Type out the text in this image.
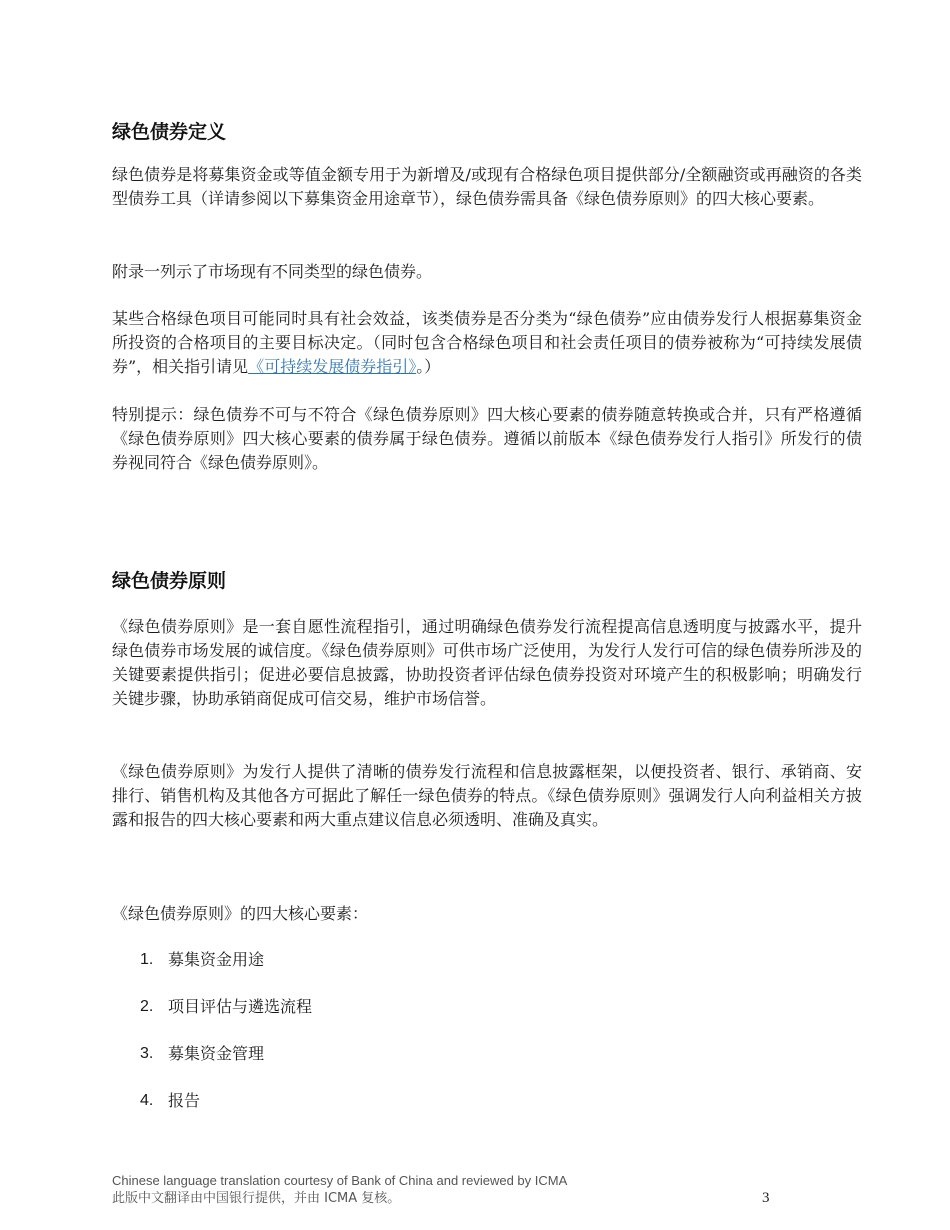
绿色债券定义

绿色债券是将募集资金或等值金额专用于为新增及/或现有合格绿色项目提供部分/全额融资或再融资的各类型债券工具（详请参阅以下募集资金用途章节），绿色债券需具备《绿色债券原则》的四大核心要素。

附录一列示了市场现有不同类型的绿色债券。

某些合格绿色项目可能同时具有社会效益，该类债券是否分类为“绿色债券”应由债券发行人根据募集资金所投资的合格项目的主要目标决定。（同时包含合格绿色项目和社会责任项目的债券被称为“可持续发展债券”，相关指引请见《可持续发展债券指引》。）

特别提示：绿色债券不可与不符合《绿色债券原则》四大核心要素的债券随意转换或合并，只有严格遵循《绿色债券原则》四大核心要素的债券属于绿色债券。遵循以前版本《绿色债券发行人指引》所发行的债券视同符合《绿色债券原则》。

绿色债券原则

《绿色债券原则》是一套自愿性流程指引，通过明确绿色债券发行流程提高信息透明度与披露水平，提升绿色债券市场发展的诚信度。《绿色债券原则》可供市场广泛使用，为发行人发行可信的绿色债券所涉及的关键要素提供指引；促进必要信息披露，协助投资者评估绿色债券投资对环境产生的积极影响；明确发行关键步骤，协助承销商促成可信交易，维护市场信誉。

《绿色债券原则》为发行人提供了清晰的债券发行流程和信息披露框架，以便投资者、银行、承销商、安排行、销售机构及其他各方可据此了解任一绿色债券的特点。《绿色债券原则》强调发行人向利益相关方披露和报告的四大核心要素和两大重点建议信息必须透明、准确及真实。

《绿色债券原则》的四大核心要素：

1. 募集资金用途
2. 项目评估与遴选流程
3. 募集资金管理
4. 报告
Chinese language translation courtesy of Bank of China and reviewed by ICMA
此版中文翻译由中国银行提供，并由 ICMA 复核。	3
